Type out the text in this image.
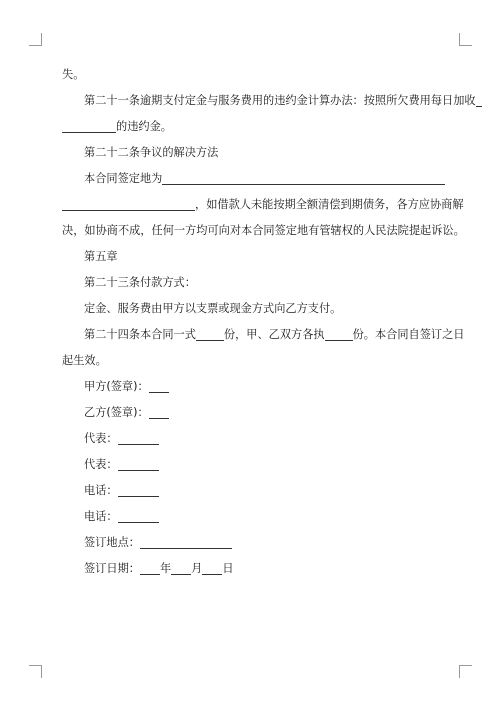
失。

第二十一条逾期支付定金与服务费用的违约金计算办法：按照所欠费用每日加收

的违约金。

第二十二条争议的解决方法

本合同签定地为

，如借款人未能按期全额清偿到期债务，各方应协商解

决，如协商不成，任何一方均可向对本合同签定地有管辖权的人民法院提起诉讼。

第五章

第二十三条付款方式：

定金、服务费由甲方以支票或现金方式向乙方支付。

第二十四条本合同一式	份，甲、乙双方各执	份。本合同自签订之日

起生效。

甲方(签章)：

乙方(签章)：

代表：

代表：

电话：

电话：

签订地点：

签订日期： 年 月 日
